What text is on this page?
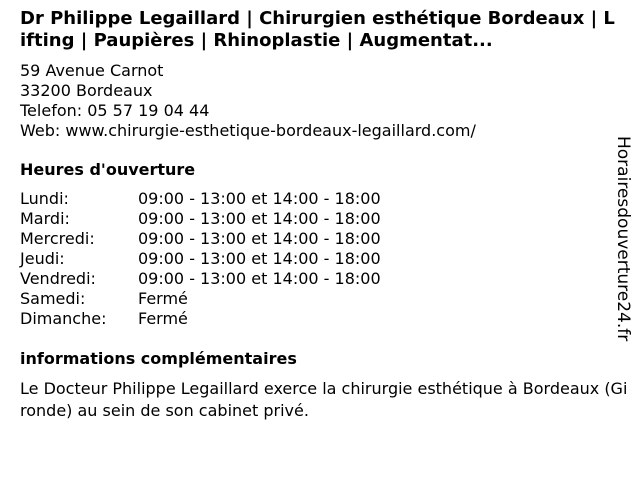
Dr Philippe Legaillard | Chirurgien esthétique Bordeaux | Lifting | Paupières | Rhinoplastie | Augmentat...
59 Avenue Carnot
33200 Bordeaux
Telefon: 05 57 19 04 44
Web: www.chirurgie-esthetique-bordeaux-legaillard.com/
Heures d'ouverture
Lundi:	09:00 - 13:00 et 14:00 - 18:00
Mardi:	09:00 - 13:00 et 14:00 - 18:00
Mercredi:	09:00 - 13:00 et 14:00 - 18:00
Jeudi:	09:00 - 13:00 et 14:00 - 18:00
Vendredi:	09:00 - 13:00 et 14:00 - 18:00
Samedi:	Fermé
Dimanche:	Fermé
informations complémentaires
Le Docteur Philippe Legaillard exerce la chirurgie esthétique à Bordeaux (Gironde) au sein de son cabinet privé.
Horairesdouverture24.fr
